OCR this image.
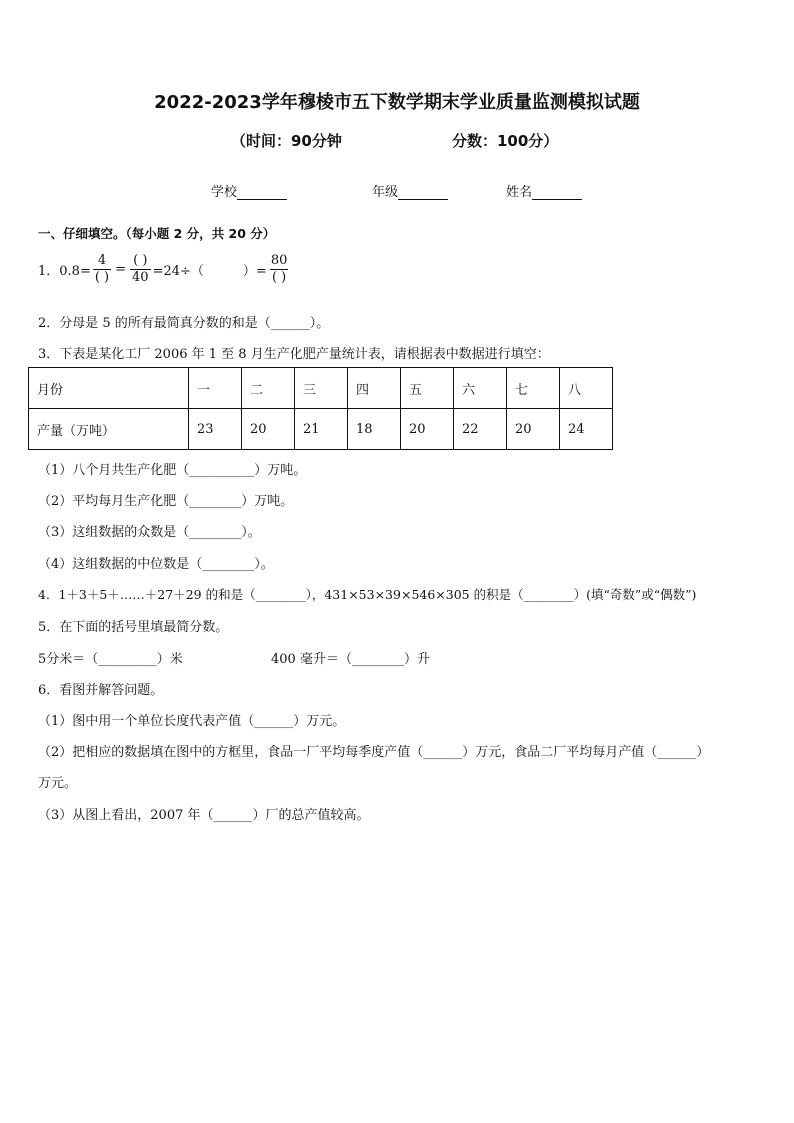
2022-2023学年穆棱市五下数学期末学业质量监测模拟试题
（时间：90分钟	分数：100分）
学校	年级	姓名
一、仔细填空。（每小题 2 分，共 20 分）
1．$0.8= \frac{4}{( )} = \frac{( )}{40} =24\div$（　　　）= $\frac{80}{( )}$
2．分母是 5 的所有最简真分数的和是（______）。
3．下表是某化工厂 2006 年 1 至 8 月生产化肥产量统计表，请根据表中数据进行填空：
月份	一	二	三	四	五	六	七	八
产量（万吨）	23	20	21	18	20	22	20	24
（1）八个月共生产化肥（__________）万吨。
（2）平均每月生产化肥（________）万吨。
（3）这组数据的众数是（________）。
（4）这组数据的中位数是（________）。
4．1＋3＋5＋……＋27＋29 的和是（________），431×53×39×546×305 的积是（________）(填“奇数”或“偶数”)
5．在下面的括号里填最简分数。
5分米＝（_________）米	400 毫升＝（________）升
6．看图并解答问题。
（1）图中用一个单位长度代表产值（______）万元。
（2）把相应的数据填在图中的方框里，食品一厂平均每季度产值（______）万元，食品二厂平均每月产值（______）
万元。
（3）从图上看出，2007 年（______）厂的总产值较高。
